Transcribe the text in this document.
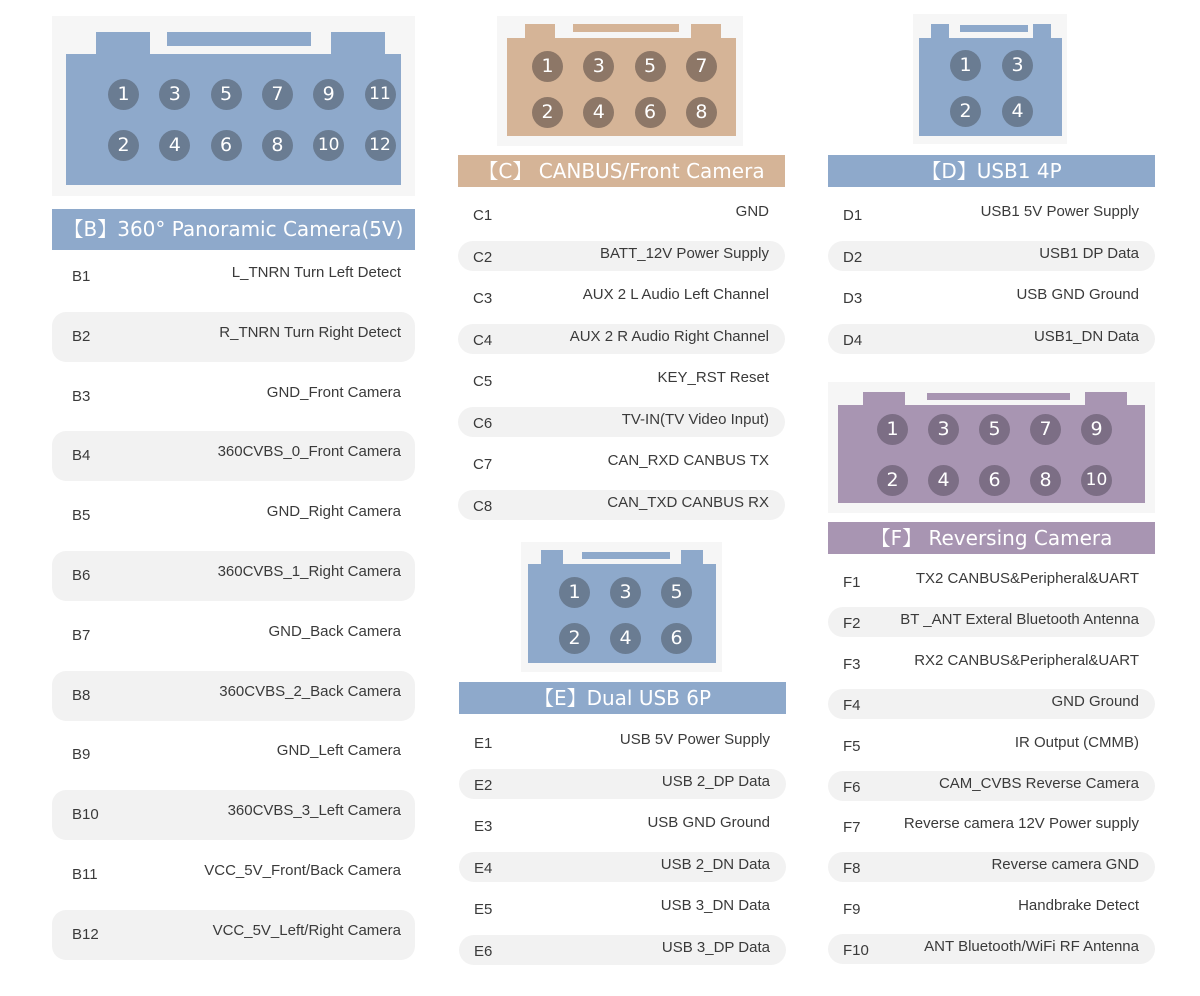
1	3	5	7	9	11
2	4	6	8	10 12
【B】360° Panoramic Camera(5V)
B1	L_TNRN Turn Left Detect
B2	R_TNRN Turn Right Detect
B3	GND_Front Camera
B4	360CVBS_0_Front Camera
B5	GND_Right Camera
B6	360CVBS_1_Right Camera
B7	GND_Back Camera
B8	360CVBS_2_Back Camera
B9	GND_Left Camera
B10	360CVBS_3_Left Camera
B11	VCC_5V_Front/Back Camera
B12	VCC_5V_Left/Right Camera
1	3	5	7
2	4	6	8
【C】 CANBUS/Front Camera
C1	GND
C2	BATT_12V Power Supply
C3	AUX 2 L Audio Left Channel
C4	AUX 2 R Audio Right Channel
C5	KEY_RST Reset
C6	TV-IN(TV Video Input)
C7	CAN_RXD CANBUS TX
C8	CAN_TXD CANBUS RX
1	3	5
2	4	6
【E】Dual USB 6P
E1	USB 5V Power Supply
E2	USB 2_DP Data
E3	USB GND Ground
E4	USB 2_DN Data
E5	USB 3_DN Data
E6	USB 3_DP Data
1	3
2	4
【D】USB1 4P
D1	USB1 5V Power Supply
D2	USB1 DP Data
D3	USB GND Ground
D4	USB1_DN Data
1	3	5	7	9
2	4	6	8	10
【F】 Reversing Camera
F1	TX2 CANBUS&Peripheral&UART
F2	BT _ANT Exteral Bluetooth Antenna
F3	RX2 CANBUS&Peripheral&UART
F4	GND Ground
F5	IR Output (CMMB)
F6	CAM_CVBS Reverse Camera
F7	Reverse camera 12V Power supply
F8	Reverse camera GND
F9	Handbrake Detect
F10	ANT Bluetooth/WiFi RF Antenna
